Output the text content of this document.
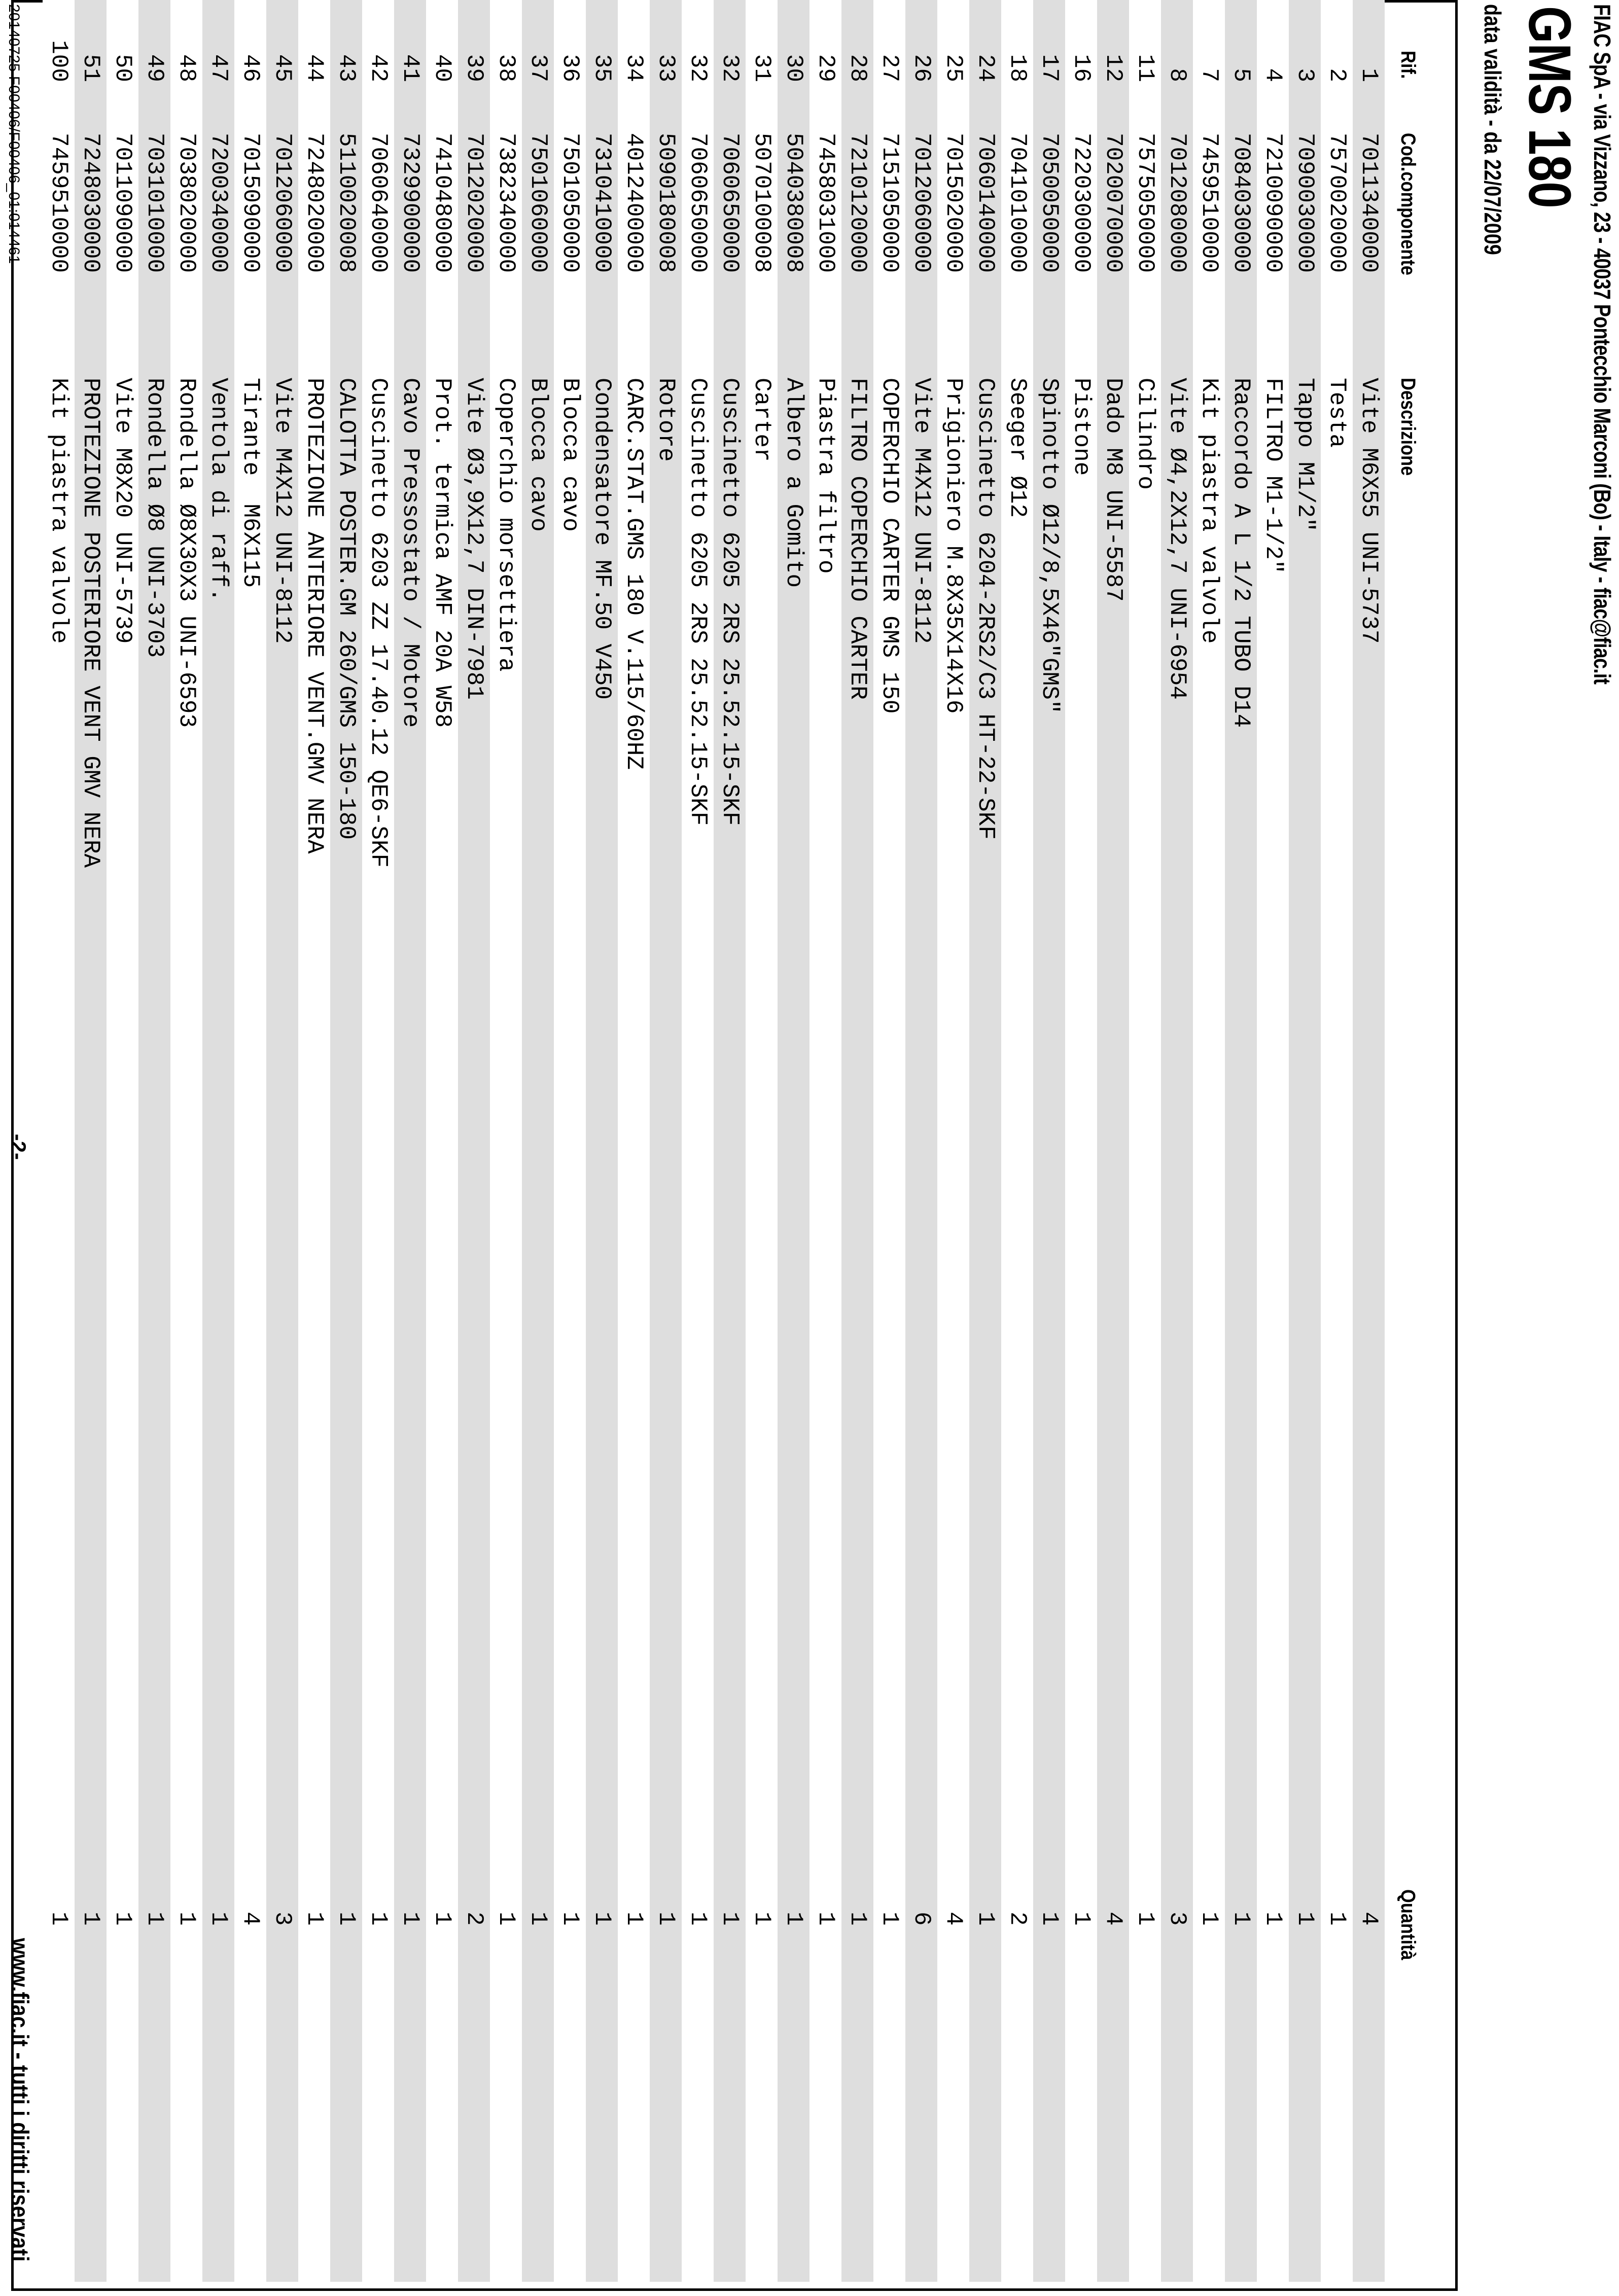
FIAC SpA - via Vizzano, 23 - 40037 Pontecchio Marconi (Bo) - Italy - fiac@fiac.it
GMS 180
data validità - da 22/07/2009
Rif.
Cod.componente
Descrizione
Quantità
1
7011340000
Vite M6X55 UNI-5737
4
2
7570020000
Testa
1
3
7090030000
Tappo M1/2"
1
4
7210090000
FILTRO M1-1/2"
1
5
7084030000
Raccordo A L 1/2 TUBO D14
1
7
7459510000
Kit piastra valvole
1
8
7012080000
Vite Ø4,2X12,7 UNI-6954
3
11
7575050000
Cilindro
1
12
7020070000
Dado M8 UNI-5587
4
16
7220300000
Pistone
1
17
7050050000
Spinotto Ø12/8,5X46"GMS"
1
18
7041010000
Seeger Ø12
2
24
7060140000
Cuscinetto 6204-2RS2/C3 HT-22-SKF
1
25
7015020000
Prigioniero M.8X35X14X16
4
26
7012060000
Vite M4X12 UNI-8112
6
27
7151050000
COPERCHIO CARTER GMS 150
1
28
7210120000
FILTRO COPERCHIO CARTER
1
29
7458031000
Piastra filtro
1
30
5040380008
Albero a Gomito
1
31
5070100008
Carter
1
32
7060650000
Cuscinetto 6205 2RS 25.52.15-SKF
1
32
7060650000
Cuscinetto 6205 2RS 25.52.15-SKF
1
33
5090180008
Rotore
1
34
4012400000
CARC.STAT.GMS 180 V.115/60HZ
1
35
7310410000
Condensatore MF.50 V450
1
36
7501050000
Blocca cavo
1
37
7501060000
Blocca cavo
1
38
7382340000
Coperchio morsettiera
1
39
7012020000
Vite Ø3,9X12,7 DIN-7981
2
40
7410480000
Prot. termica AMF 20A W58
1
41
7329900000
Cavo Pressostato / Motore
1
42
7060640000
Cuscinetto 6203 ZZ 17.40.12 QE6-SKF
1
43
5110020008
CALOTTA POSTER.GM 260/GMS 150-180
1
44
7248020000
PROTEZIONE ANTERIORE VENT.GMV NERA
1
45
7012060000
Vite M4X12 UNI-8112
3
46
7015090000
Tirante  M6X115
4
47
7200340000
Ventola di raff.
1
48
7038020000
Rondella Ø8X30X3 UNI-6593
1
49
7031010000
Rondella Ø8 UNI-3703
1
50
7011090000
Vite M8X20 UNI-5739
1
51
7248030000
PROTEZIONE POSTERIORE VENT GMV NERA
1
100
7459510000
Kit piastra valvole
1
20140725 F00406/F00406_01:014461
-2-
www.fiac.it - tutti i diritti riservati
